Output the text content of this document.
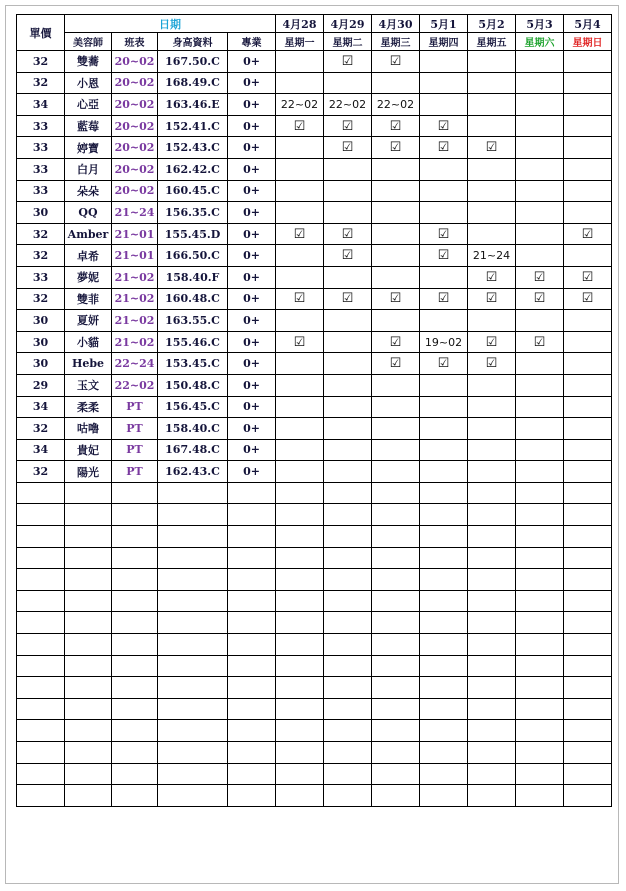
單價	日期				4月28	4月29	4月30	5月1	5月2	5月3	5月4
	美容師	班表	身高資料	專業	星期一	星期二	星期三	星期四	星期五	星期六	星期日
32	雙蕎	20~02	167.50.C	0+		☑	☑				
32	小恩	20~02	168.49.C	0+							
34	心亞	20~02	163.46.E	0+	22~02	22~02	22~02				
33	藍莓	20~02	152.41.C	0+	☑	☑	☑	☑			
33	婷寶	20~02	152.43.C	0+		☑	☑	☑	☑		
33	白月	20~02	162.42.C	0+							
33	朵朵	20~02	160.45.C	0+							
30	QQ	21~24	156.35.C	0+							
32	Amber	21~01	155.45.D	0+	☑	☑		☑			☑
32	卓希	21~01	166.50.C	0+		☑		☑	21~24		
33	夢妮	21~02	158.40.F	0+					☑	☑	☑
32	雙菲	21~02	160.48.C	0+	☑	☑	☑	☑	☑	☑	☑
30	夏妍	21~02	163.55.C	0+							
30	小貓	21~02	155.46.C	0+	☑		☑	19~02	☑	☑	
30	Hebe	22~24	153.45.C	0+			☑	☑	☑		
29	玉文	22~02	150.48.C	0+							
34	柔柔	PT	156.45.C	0+							
32	咕嚕	PT	158.40.C	0+							
34	貴妃	PT	167.48.C	0+							
32	陽光	PT	162.43.C	0+							
